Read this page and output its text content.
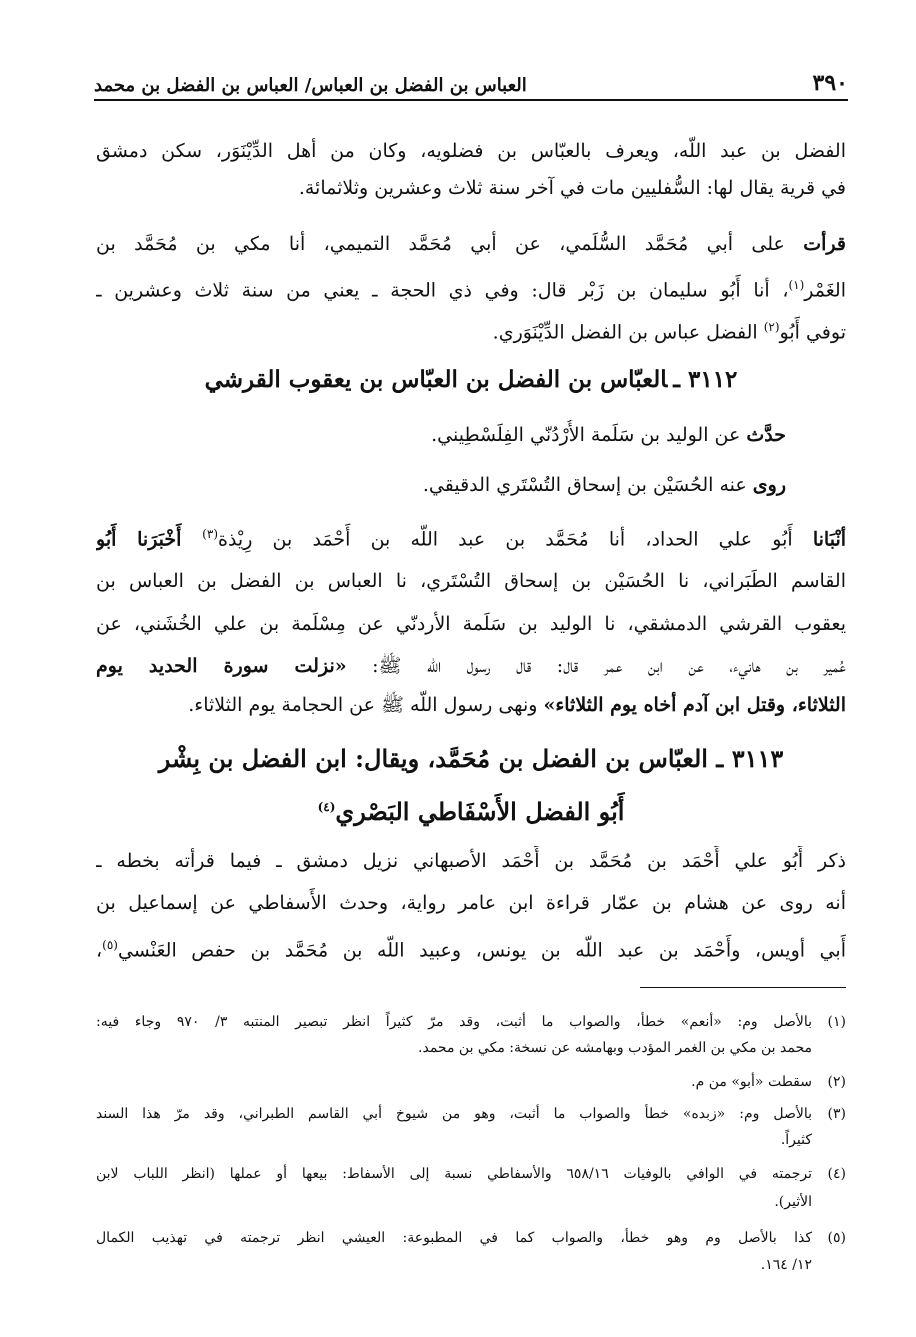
٣٩٠
العباس بن الفضل بن العباس/ العباس بن الفضل بن محمد
الفضل بن عبد اللّه، ويعرف بالعبّاس بن فضلويه، وكان من أهل الدِّيْنَوَر، سكن دمشق
في قرية يقال لها: السُّفليين مات في آخر سنة ثلاث وعشرين وثلاثمائة.
قرأت على أبي مُحَمَّد السُّلَمي، عن أبي مُحَمَّد التميمي، أنا مكي بن مُحَمَّد بن
الغَمْر$^{(١)}$، أنا أَبُو سليمان بن زَبْر قال: وفي ذي الحجة ـ يعني من سنة ثلاث وعشرين ـ
توفي أَبُو$^{(٢)}$ الفضل عباس بن الفضل الدِّيْنَوَري.
٣١١٢ ـالعبّاس بن الفضل بن العبّاس بن يعقوب القرشي
حدَّث عن الوليد بن سَلَمة الأُرْدُنّي الفِلَسْطِيني.
روى عنه الحُسَيْن بن إسحاق التُسْتَري الدقيقي.
أنْبَانا أَبُو علي الحداد، أنا مُحَمَّد بن عبد اللّه بن أَحْمَد بن رِيْذة$^{(٣)}$ أَخْبَرَنا أَبُو
القاسم الطَبَراني، نا الحُسَيْن بن إسحاق التُسْتَري، نا العباس بن الفضل بن العباس بن
يعقوب القرشي الدمشقي، نا الوليد بن سَلَمة الأردنّي عن مِسْلَمة بن علي الخُشَني، عن
عُمير بن هانيء، عن ابن عمر قال: قال رسول اللّه ﷺ: «نزلت سورة الحديد يوم
الثلاثاء، وقتل ابن آدم أخاه يوم الثلاثاء» ونهى رسول اللّه ﷺ عن الحجامة يوم الثلاثاء.
٣١١٣ ـ العبّاس بن الفضل بن مُحَمَّد، ويقال: ابن الفضل بن بِشْر
أَبُو الفضل الأَسْفَاطي البَصْري$^{(٤)}$
ذكر أَبُو علي أَحْمَد بن مُحَمَّد بن أَحْمَد الأصبهاني نزيل دمشق ـ فيما قرأته بخطه ـ
أنه روى عن هشام بن عمّار قراءة ابن عامر رواية، وحدث الأَسفاطي عن إسماعيل بن
أَبي أويس، وأَحْمَد بن عبد اللّه بن يونس، وعبيد اللّه بن مُحَمَّد بن حفص العَنْسي$^{(٥)}$،
(١)بالأصل وم: «أنعم» خطأ، والصواب ما أثبت، وقد مرّ كثيراً انظر تبصير المنتبه ٣/ ٩٧٠ وجاء فيه:
محمد بن مكي بن الغمر المؤدب وبهامشه عن نسخة: مكي بن محمد.
(٢)سقطت «أبو» من م.
(٣)بالأصل وم: «زبده» خطأ والصواب ما أثبت، وهو من شيوخ أبي القاسم الطبراني، وقد مرّ هذا السند
كثيراً.
(٤)ترجمته في الوافي بالوفيات ٦٥٨/١٦ والأسفاطي نسبة إلى الأسفاط: بيعها أو عملها (انظر اللباب لابن
الأثير).
(٥)كذا بالأصل وم وهو خطأ، والصواب كما في المطبوعة: العيشي انظر ترجمته في تهذيب الكمال
١٢/ ١٦٤.
